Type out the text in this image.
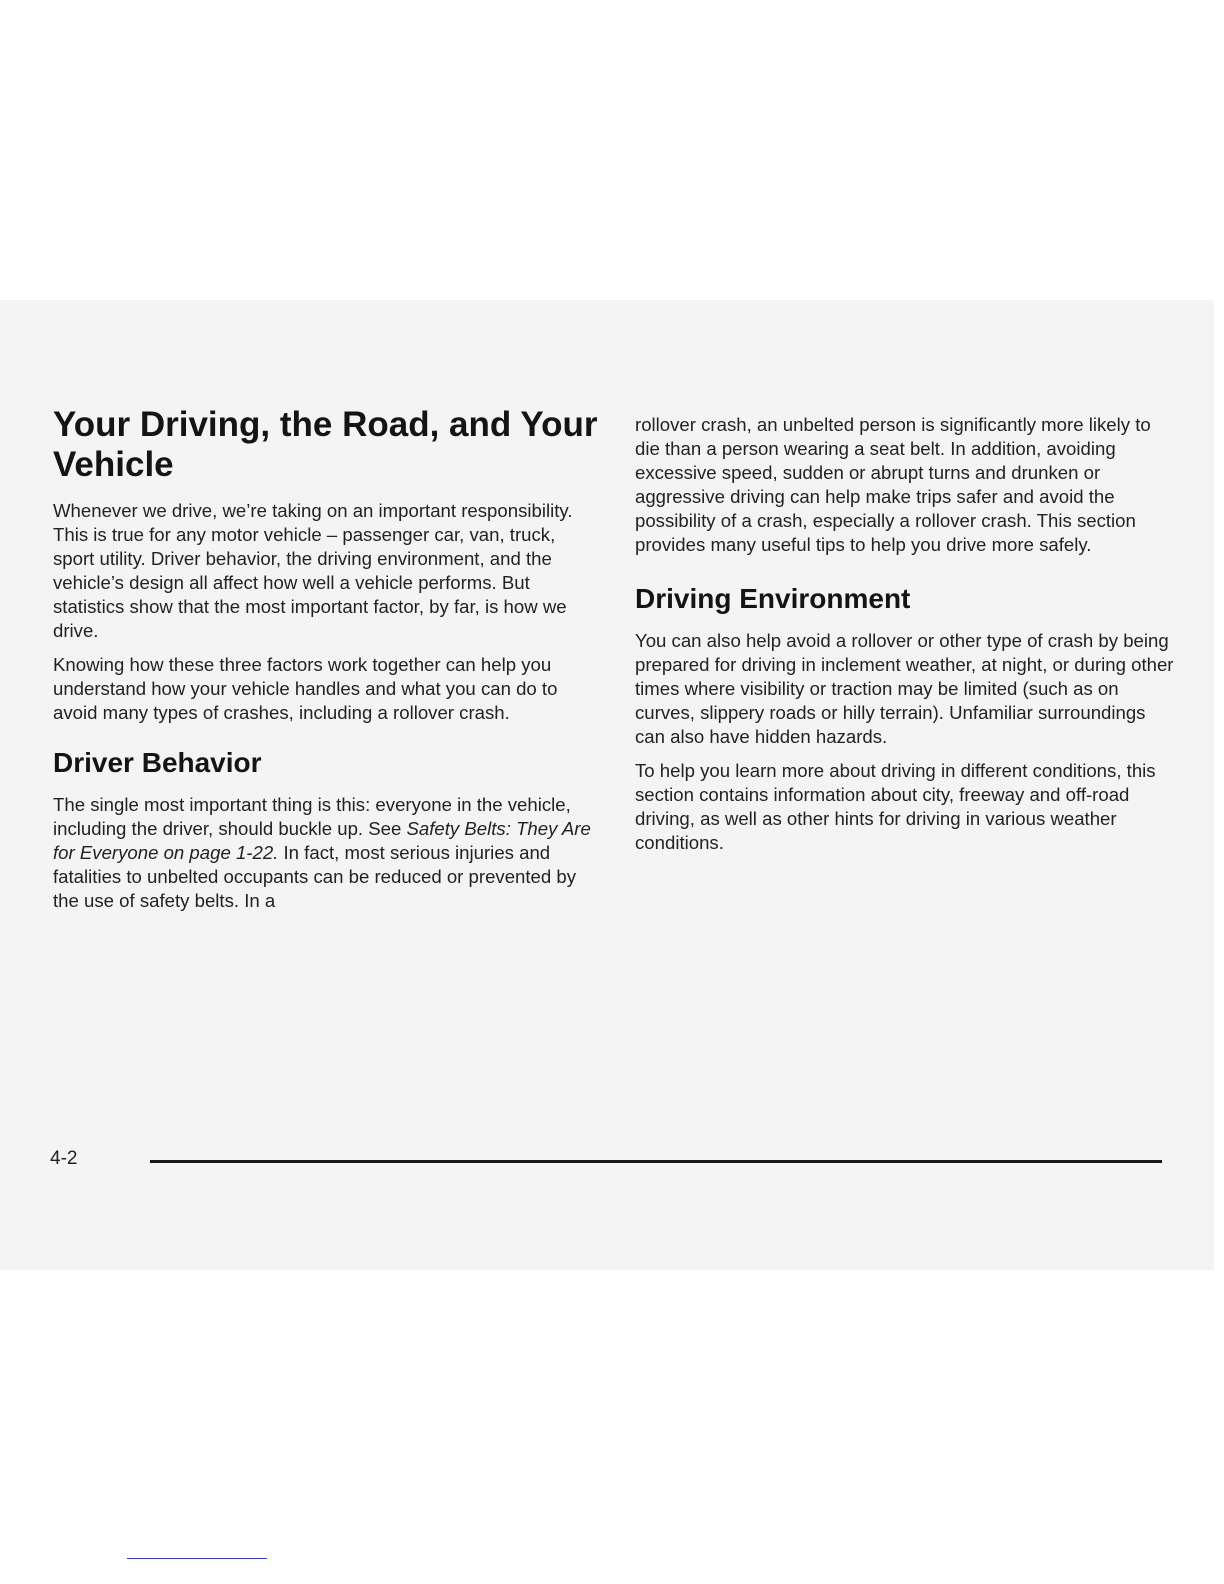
Your Driving, the Road, and Your Vehicle

Whenever we drive, we’re taking on an important responsibility. This is true for any motor vehicle – passenger car, van, truck, sport utility. Driver behavior, the driving environment, and the vehicle’s design all affect how well a vehicle performs. But statistics show that the most important factor, by far, is how we drive.

Knowing how these three factors work together can help you understand how your vehicle handles and what you can do to avoid many types of crashes, including a rollover crash.

Driver Behavior

The single most important thing is this: everyone in the vehicle, including the driver, should buckle up. See Safety Belts: They Are for Everyone on page 1-22. In fact, most serious injuries and fatalities to unbelted occupants can be reduced or prevented by the use of safety belts. In a

rollover crash, an unbelted person is significantly more likely to die than a person wearing a seat belt. In addition, avoiding excessive speed, sudden or abrupt turns and drunken or aggressive driving can help make trips safer and avoid the possibility of a crash, especially a rollover crash. This section provides many useful tips to help you drive more safely.

Driving Environment

You can also help avoid a rollover or other type of crash by being prepared for driving in inclement weather, at night, or during other times where visibility or traction may be limited (such as on curves, slippery roads or hilly terrain). Unfamiliar surroundings can also have hidden hazards.

To help you learn more about driving in different conditions, this section contains information about city, freeway and off-road driving, as well as other hints for driving in various weather conditions.

4-2
